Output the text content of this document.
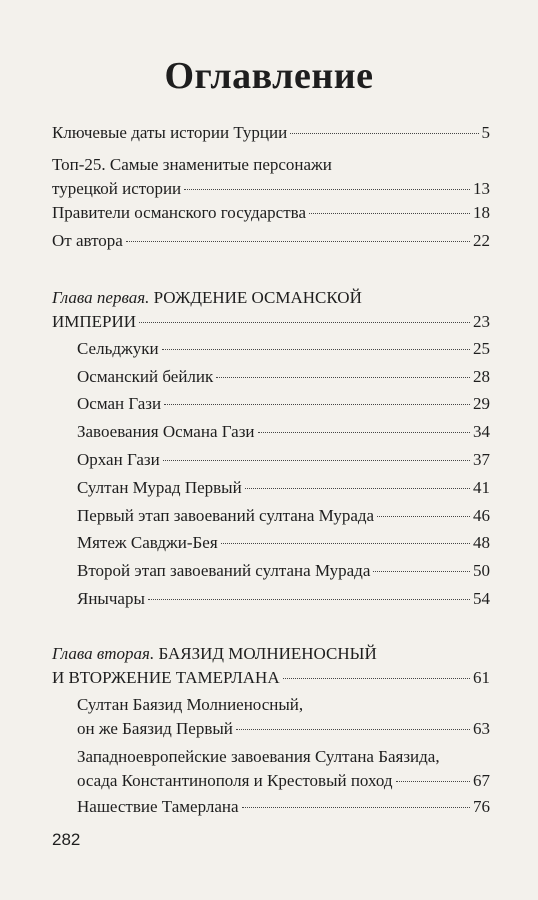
Оглавление
Ключевые даты истории Турции	5
Топ-25. Самые знаменитые персонажи
турецкой истории	13
Правители османского государства	18
От автора	22
Глава первая. РОЖДЕНИЕ ОСМАНСКОЙ
ИМПЕРИИ	23
Сельджуки	25
Османский бейлик	28
Осман Гази	29
Завоевания Османа Гази	34
Орхан Гази	37
Султан Мурад Первый	41
Первый этап завоеваний султана Мурада	46
Мятеж Савджи-Бея	48
Второй этап завоеваний султана Мурада	50
Янычары	54
Глава вторая. БАЯЗИД МОЛНИЕНОСНЫЙ
И ВТОРЖЕНИЕ ТАМЕРЛАНА	61
Султан Баязид Молниеносный,
он же Баязид Первый	63
Западноевропейские завоевания Султана Баязида,
осада Константинополя и Крестовый поход	67
Нашествие Тамерлана	76
282
